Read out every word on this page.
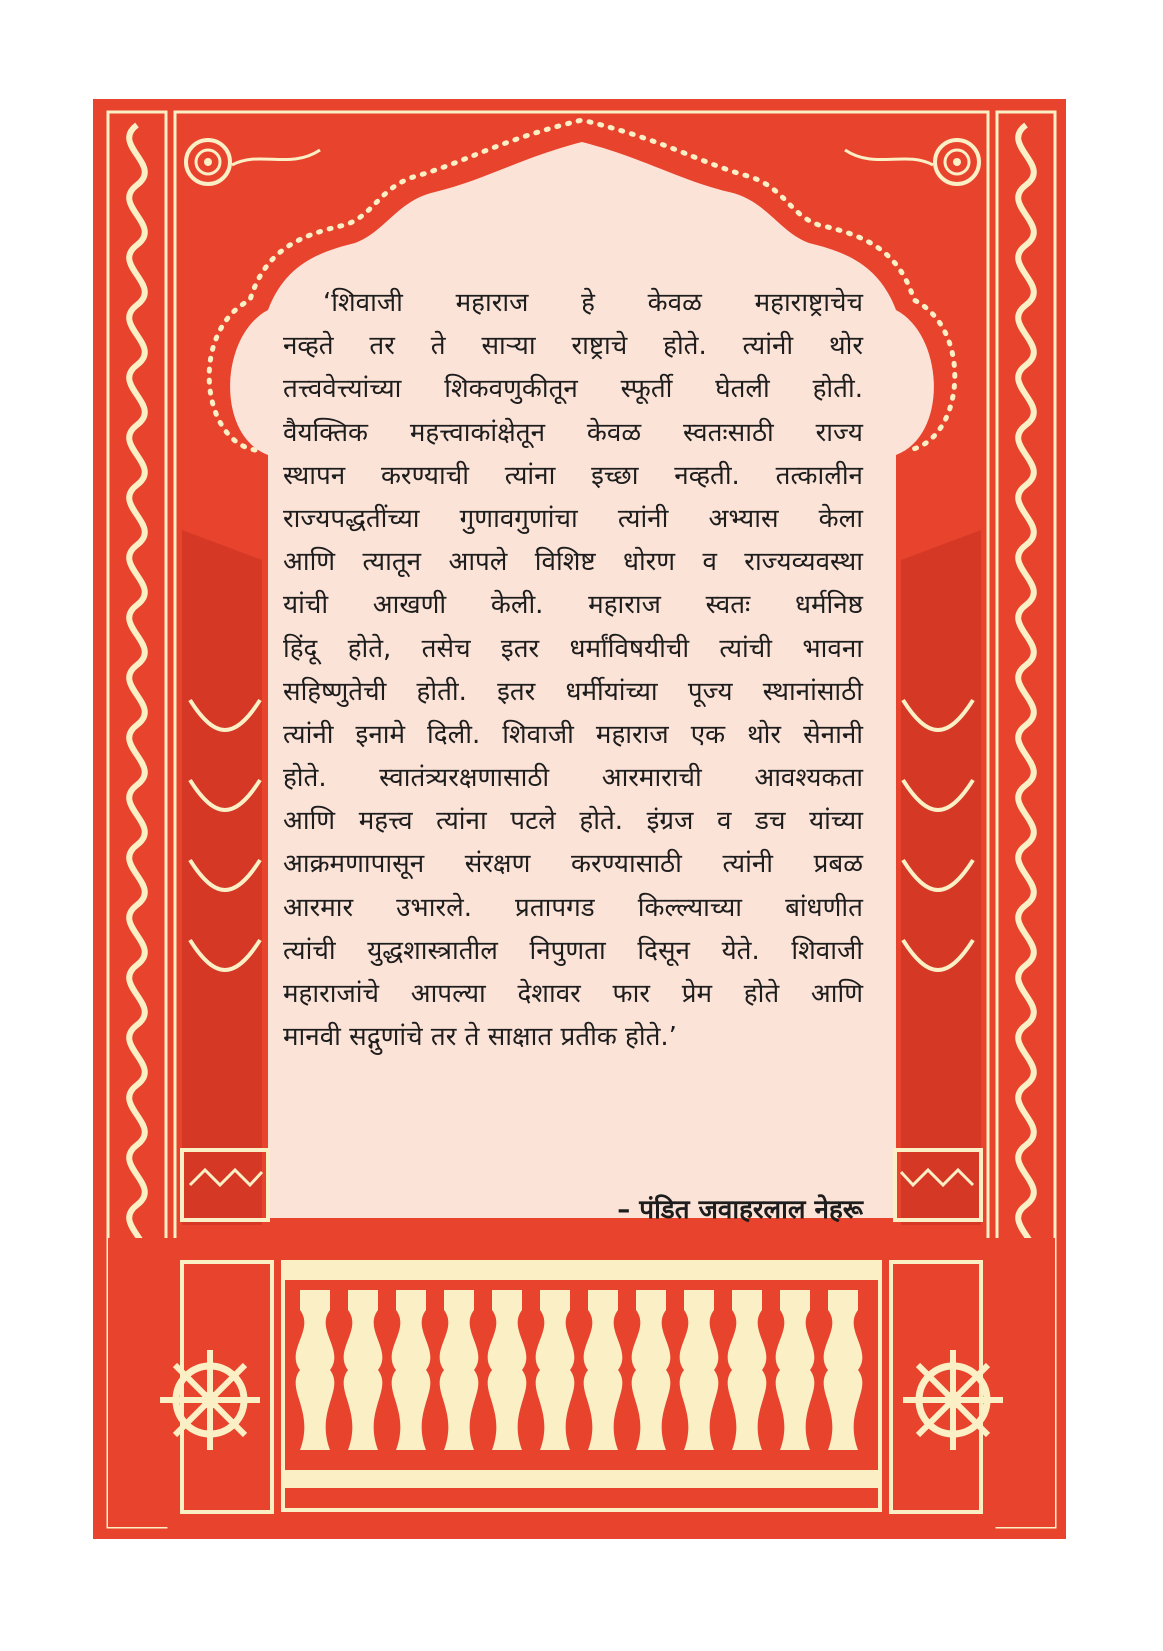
‘शिवाजी महाराज हे केवळ महाराष्ट्राचेच
नव्हते तर ते साऱ्या राष्ट्राचे होते. त्यांनी थोर
तत्त्ववेत्त्यांच्या शिकवणुकीतून स्फूर्ती घेतली होती.
वैयक्तिक महत्त्वाकांक्षेतून केवळ स्वतःसाठी राज्य
स्थापन करण्याची त्यांना इच्छा नव्हती. तत्कालीन
राज्यपद्धतींच्या गुणावगुणांचा त्यांनी अभ्यास केला
आणि त्यातून आपले विशिष्ट धोरण व राज्यव्यवस्था
यांची आखणी केली. महाराज स्वतः धर्मनिष्ठ
हिंदू होते, तसेच इतर धर्मांविषयीची त्यांची भावना
सहिष्णुतेची होती. इतर धर्मीयांच्या पूज्य स्थानांसाठी
त्यांनी इनामे दिली. शिवाजी महाराज एक थोर सेनानी
होते. स्वातंत्र्यरक्षणासाठी आरमाराची आवश्यकता
आणि महत्त्व त्यांना पटले होते. इंग्रज व डच यांच्या
आक्रमणापासून संरक्षण करण्यासाठी त्यांनी प्रबळ
आरमार उभारले. प्रतापगड किल्ल्याच्या बांधणीत
त्यांची युद्धशास्त्रातील निपुणता दिसून येते. शिवाजी
महाराजांचे आपल्या देशावर फार प्रेम होते आणि
मानवी सद्गुणांचे तर ते साक्षात प्रतीक होते.’
– पंडित जवाहरलाल नेहरू
